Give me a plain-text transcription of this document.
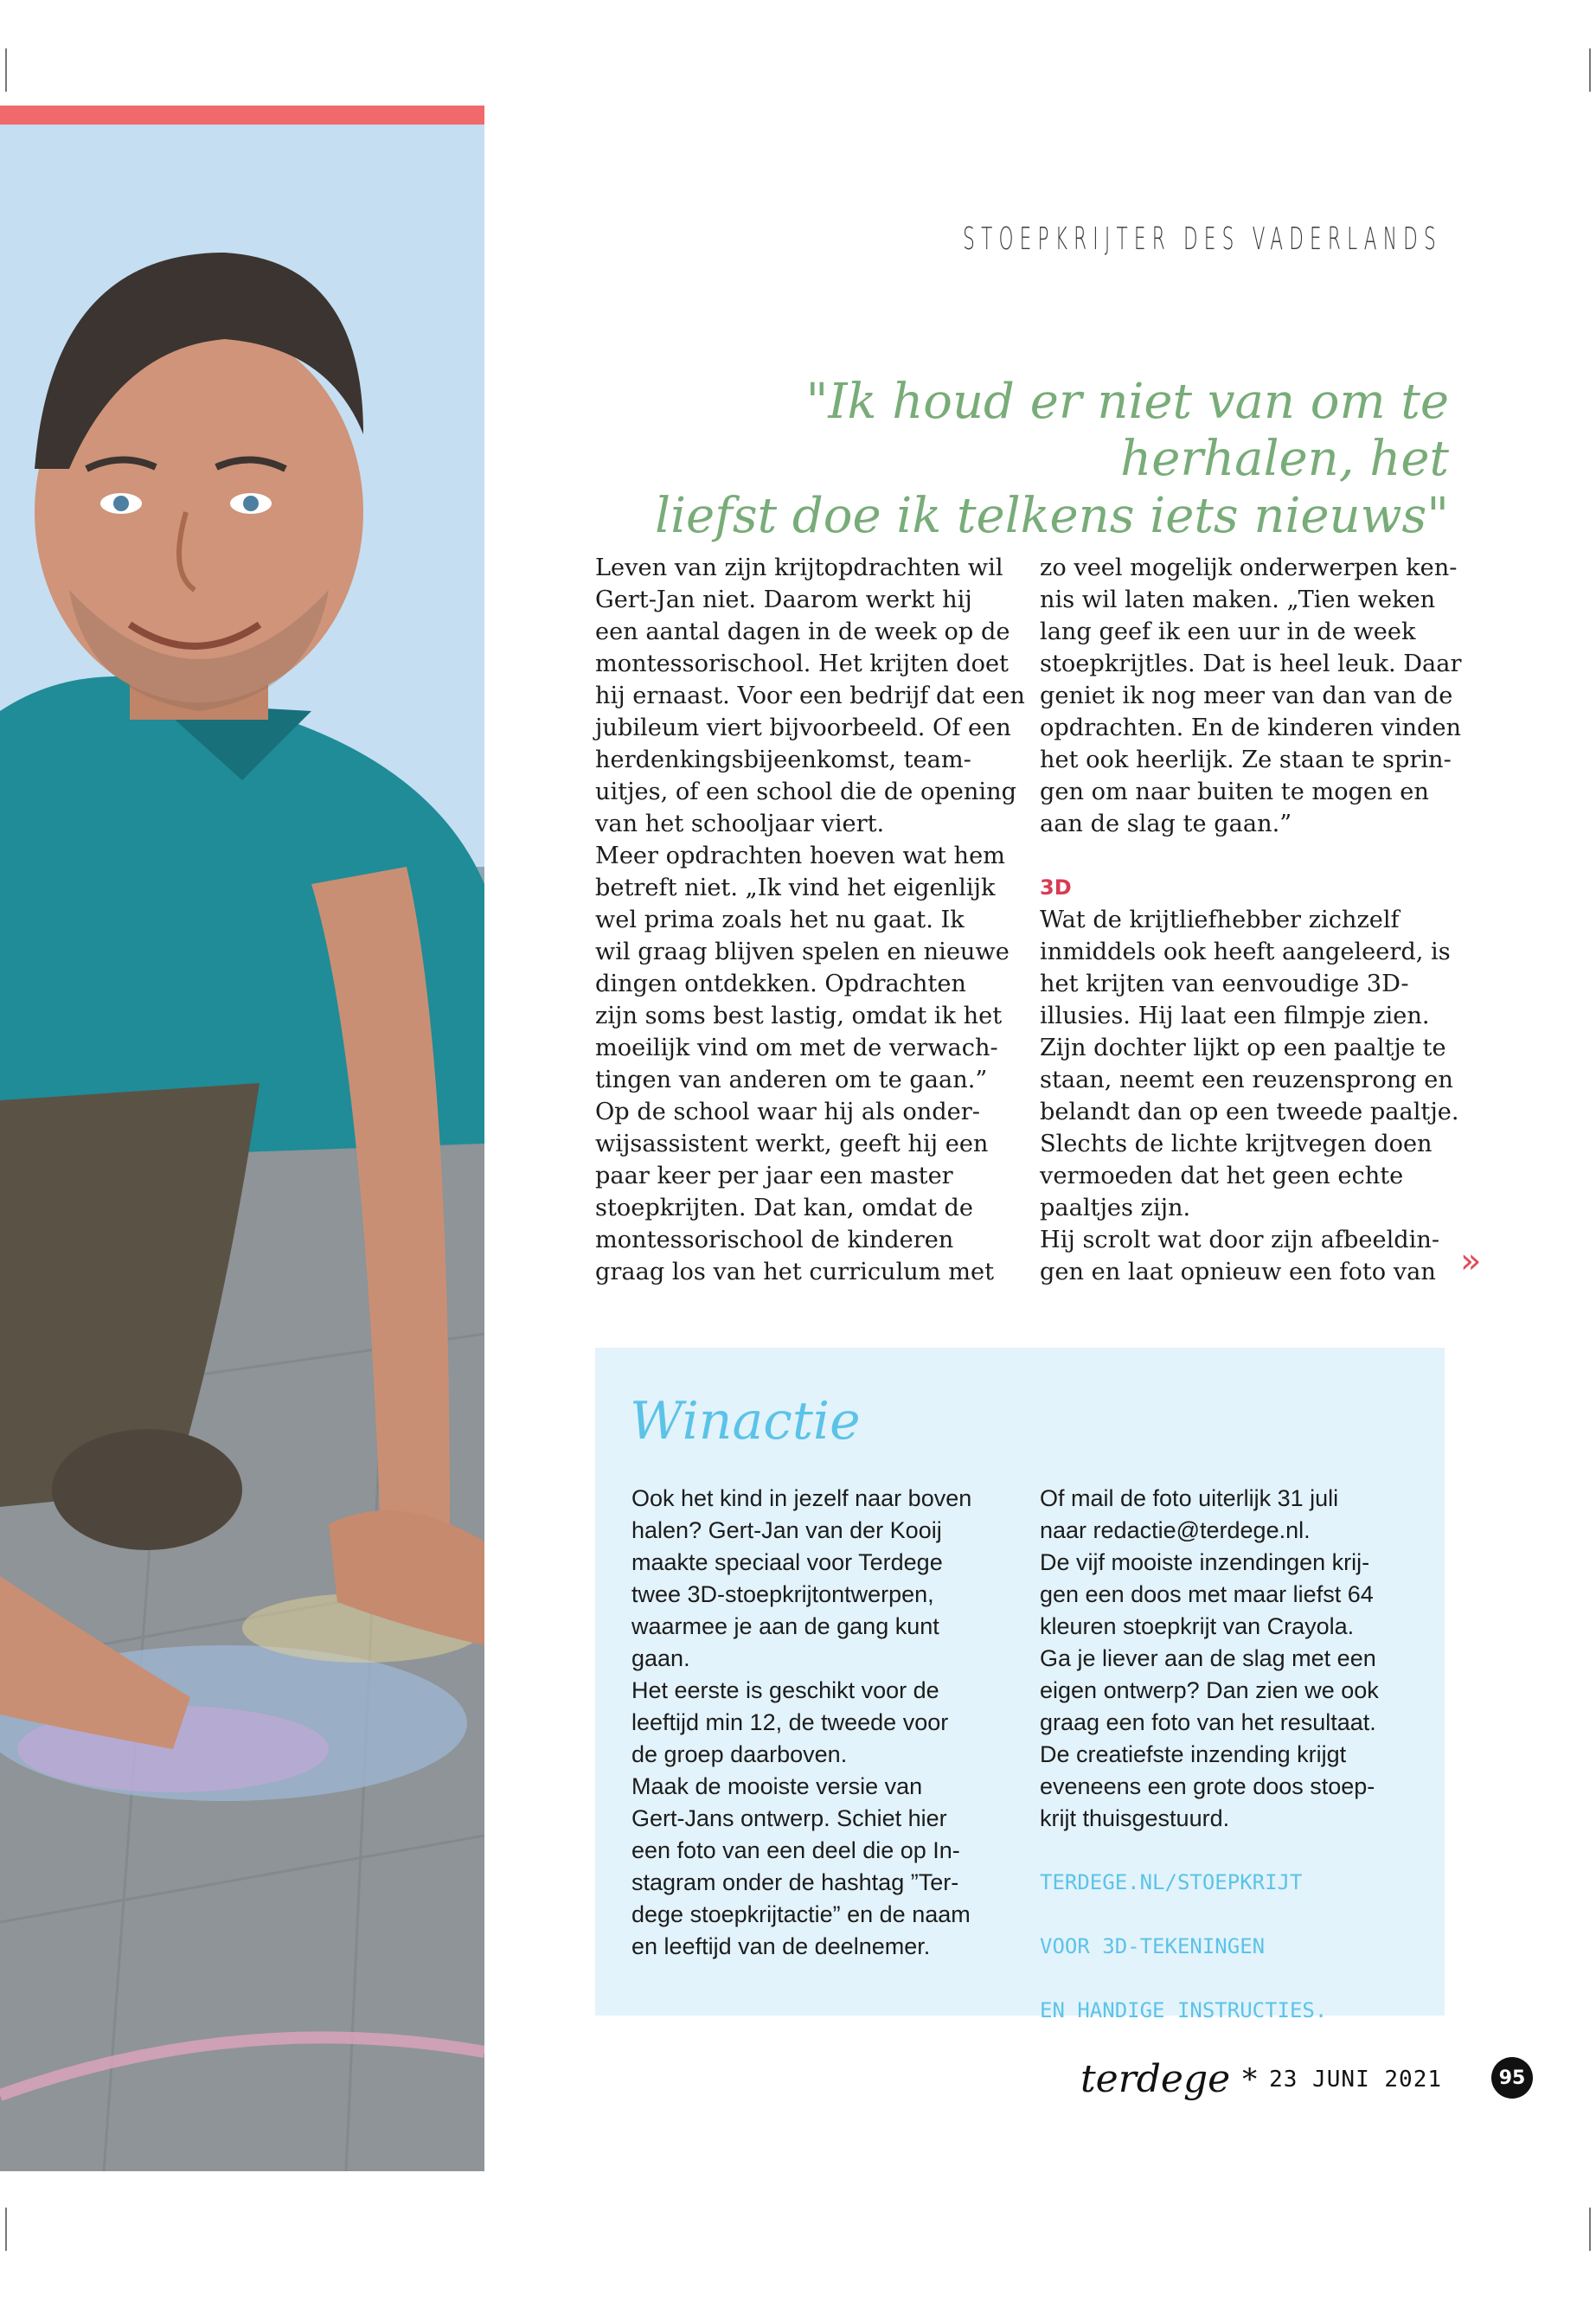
STOEPKRIJTER DES VADERLANDS
"Ik houd er niet van om te herhalen, het
liefst doe ik telkens iets nieuws"

Leven van zijn krijtopdrachten wil

Gert-Jan niet. Daarom werkt hij

een aantal dagen in de week op de

montessorischool. Het krijten doet

hij ernaast. Voor een bedrijf dat een

jubileum viert bijvoorbeeld. Of een

herdenkingsbijeenkomst, team-

uitjes, of een school die de opening

van het schooljaar viert.

Meer opdrachten hoeven wat hem

betreft niet. „Ik vind het eigenlijk

wel prima zoals het nu gaat. Ik

wil graag blijven spelen en nieuwe

dingen ontdekken. Opdrachten

zijn soms best lastig, omdat ik het

moeilijk vind om met de verwach-

tingen van anderen om te gaan.”

Op de school waar hij als onder-

wijsassistent werkt, geeft hij een

paar keer per jaar een master

stoepkrijten. Dat kan, omdat de

montessorischool de kinderen

graag los van het curriculum met

zo veel mogelijk onderwerpen ken-

nis wil laten maken. „Tien weken

lang geef ik een uur in de week

stoepkrijtles. Dat is heel leuk. Daar

geniet ik nog meer van dan van de

opdrachten. En de kinderen vinden

het ook heerlijk. Ze staan te sprin-

gen om naar buiten te mogen en

aan de slag te gaan.”

3D

Wat de krijtliefhebber zichzelf

inmiddels ook heeft aangeleerd, is

het krijten van eenvoudige 3D-

illusies. Hij laat een filmpje zien.

Zijn dochter lijkt op een paaltje te

staan, neemt een reuzensprong en

belandt dan op een tweede paaltje.

Slechts de lichte krijtvegen doen

vermoeden dat het geen echte

paaltjes zijn.

Hij scrolt wat door zijn afbeeldin-

gen en laat opnieuw een foto van »
Winactie

Ook het kind in jezelf naar boven

halen? Gert-Jan van der Kooij

maakte speciaal voor Terdege

twee 3D-stoepkrijtontwerpen,

waarmee je aan de gang kunt

gaan.

Het eerste is geschikt voor de

leeftijd min 12, de tweede voor

de groep daarboven.

Maak de mooiste versie van

Gert-Jans ontwerp. Schiet hier

een foto van een deel die op In-

stagram onder de hashtag ”Ter-

dege stoepkrijtactie” en de naam

en leeftijd van de deelnemer.

Of mail de foto uiterlijk 31 juli

naar redactie@terdege.nl.

De vijf mooiste inzendingen krij-

gen een doos met maar liefst 64

kleuren stoepkrijt van Crayola.

Ga je liever aan de slag met een

eigen ontwerp? Dan zien we ook

graag een foto van het resultaat.

De creatiefste inzending krijgt

eveneens een grote doos stoep-

krijt thuisgestuurd.

TERDEGE.NL/STOEPKRIJT

VOOR 3D-TEKENINGEN

EN HANDIGE INSTRUCTIES.

terdege * 23 JUNI 2021	95
